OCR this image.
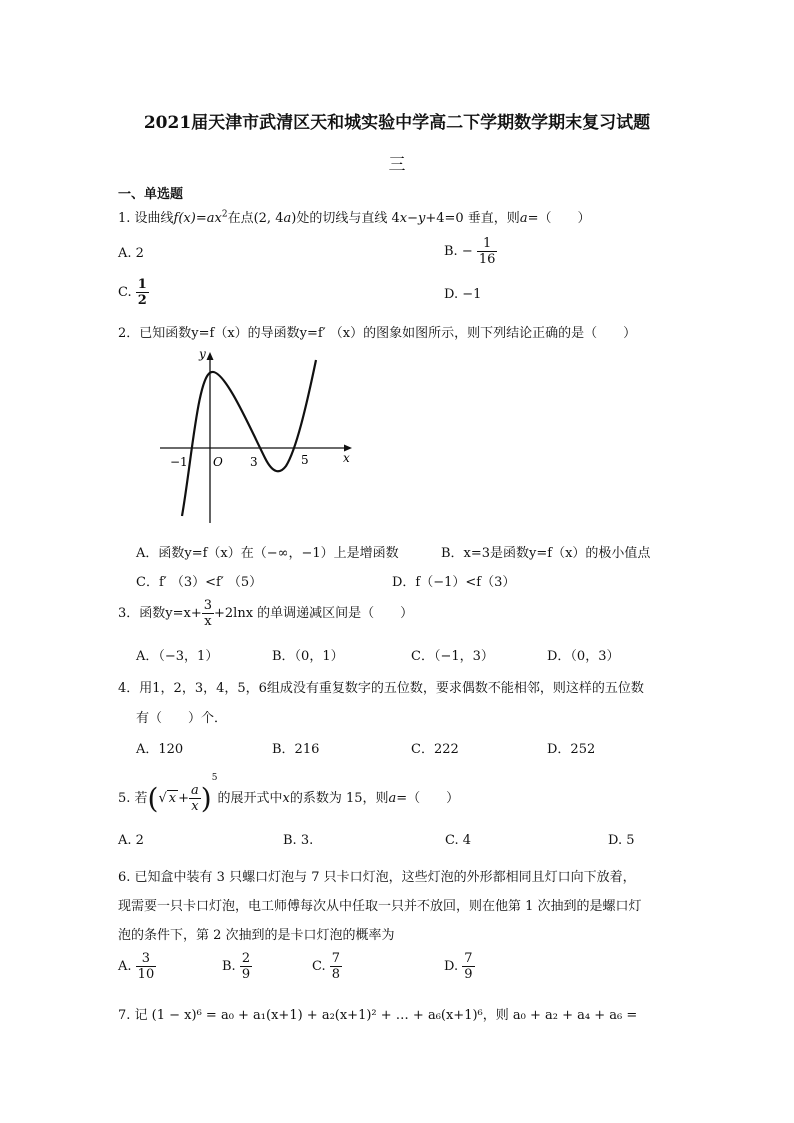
2021届天津市武清区天和城实验中学高二下学期数学期末复习试题
三
一、单选题
1. 设曲线$f(x)=ax^2$在点(2, 4a)处的切线与直线 4x−y+4=0 垂直，则a=（　　）
A. 2	B. − $\frac{1}{16}$
C. $\frac{1}{2}$	D. −1
2．已知函数y=f（x）的导函数y=f′ （x）的图象如图所示，则下列结论正确的是（　　）
y
x
O
−1	3	5
A．函数y=f（x）在（−∞，−1）上是增函数	B．x=3是函数y=f（x）的极小值点
C．f′ （3）<f′ （5）	D．f（−1）<f（3）
3．函数$y=x+ \frac{3}{x} +2\ln x$ 的单调递减区间是（　　）
A．（−3，1）	B．（0，1）	C．（−1，3）	D．（0，3）
4．用1，2，3，4，5，6组成没有重复数字的五位数，要求偶数不能相邻，则这样的五位数
有（　　）个．
A．120	B．216	C．222	D．252
5. 若(√ $x + \frac{a}{x} )^5$的展开式中x的系数为 15，则a=（　　）
A. 2	B. 3.	C. 4	D. 5
6. 已知盒中装有 3 只螺口灯泡与 7 只卡口灯泡，这些灯泡的外形都相同且灯口向下放着，
现需要一只卡口灯泡，电工师傅每次从中任取一只并不放回，则在他第 1 次抽到的是螺口灯
泡的条件下，第 2 次抽到的是卡口灯泡的概率为
A. $\frac{3}{10}$	B. $\frac{2}{9}$	C. $\frac{7}{8}$	D. $\frac{7}{9}$
7. 记 (1 − x)⁶ = a₀ + a₁(x+1) + a₂(x+1)² + … + a₆(x+1)⁶，则 a₀ + a₂ + a₄ + a₆ =
